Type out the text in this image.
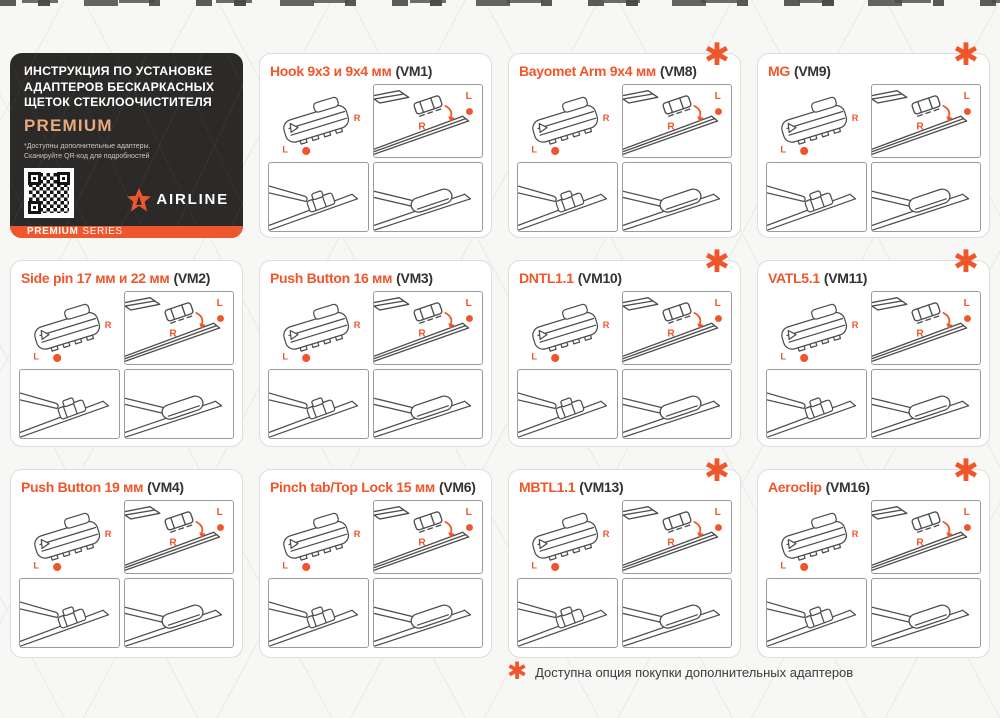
ИНСТРУКЦИЯ ПО УСТАНОВКЕ
АДАПТЕРОВ БЕСКАРКАСНЫХ
ЩЕТОК СТЕКЛООЧИСТИТЕЛЯ
PREMIUM
*Доступны дополнительные адаптеры.
Сканируйте QR-код для подробностей
AIRLINE
PREMIUM SERIES
Hook 9x3 и 9x4 мм (VM1)
R
L
R
L
✱
Bayomet Arm 9x4 мм (VM8)
R
L
R
L
✱
MG (VM9)
R
L
R
L
Side pin 17 мм и 22 мм (VM2)
R
L
R
L
Push Button 16 мм (VM3)
R
L
R
L
✱
DNTL1.1 (VM10)
R
L
R
L
✱
VATL5.1 (VM11)
R
L
R
L
Push Button 19 мм (VM4)
R
L
R
L
Pinch tab/Top Lock 15 мм (VM6)
R
L
R
L
✱
MBTL1.1 (VM13)
R
L
R
L
✱
Aeroclip (VM16)
R
L
R
L
✱ Доступна опция покупки дополнительных адаптеров
